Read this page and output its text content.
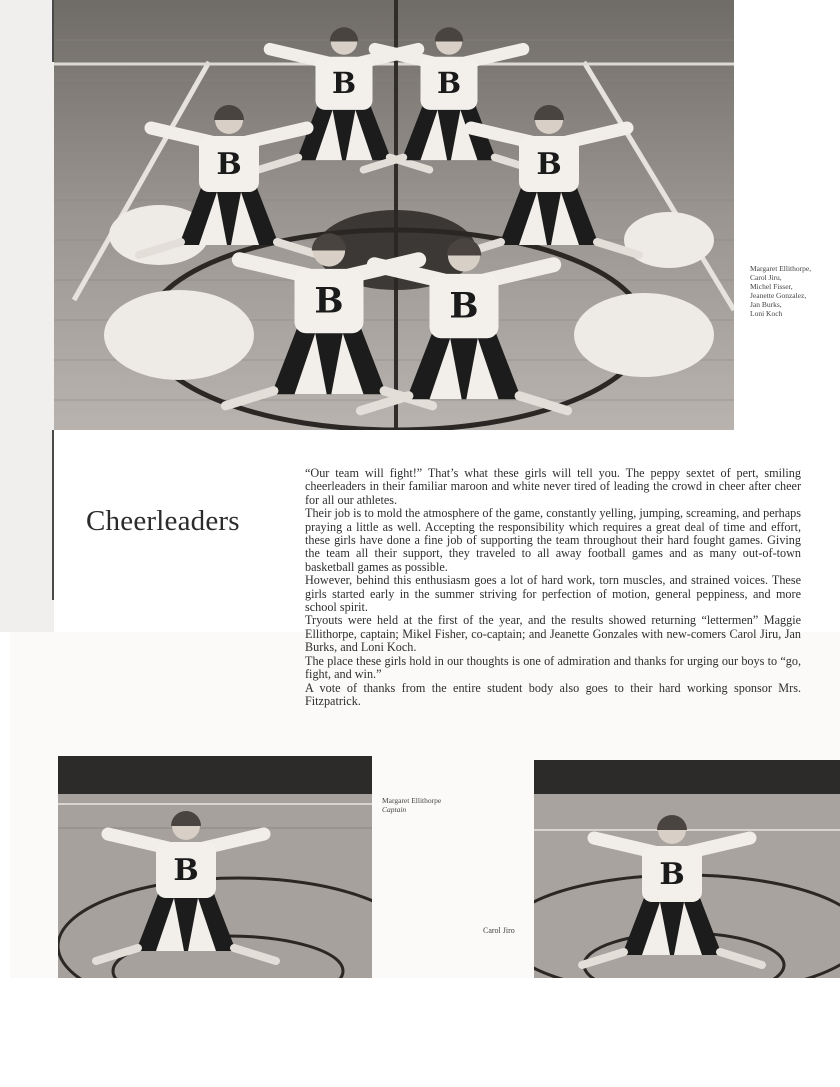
B	B
B	B
B	B
Margaret Ellithorpe,
Carol Jiru,
Michel Fisser,
Jeanette Gonzalez,
Jan Burks,
Loni Koch
Cheerleaders

“Our team will fight!” That’s what these girls will tell you. The peppy sextet of pert, smiling cheerleaders in their familiar maroon and white never tired of leading the crowd in cheer after cheer for all our athletes.

Their job is to mold the atmosphere of the game, constantly yelling, jumping, screaming, and perhaps praying a little as well. Accepting the responsibility which requires a great deal of time and effort, these girls have done a fine job of supporting the team throughout their hard fought games. Giving the team all their support, they traveled to all away football games and as many out-of-town basketball games as possible.

However, behind this enthusiasm goes a lot of hard work, torn muscles, and strained voices. These girls started early in the summer striving for perfection of motion, general peppiness, and more school spirit.

Tryouts were held at the first of the year, and the results showed returning “lettermen” Maggie Ellithorpe, captain; Mikel Fisher, co-captain; and Jeanette Gonzales with new-comers Carol Jiru, Jan Burks, and Loni Koch.

The place these girls hold in our thoughts is one of admiration and thanks for urging our boys to “go, fight, and win.”

A vote of thanks from the entire student body also goes to their hard working sponsor Mrs. Fitzpatrick.

B
Margaret Ellithorpe
Captain
Carol Jiro
B
